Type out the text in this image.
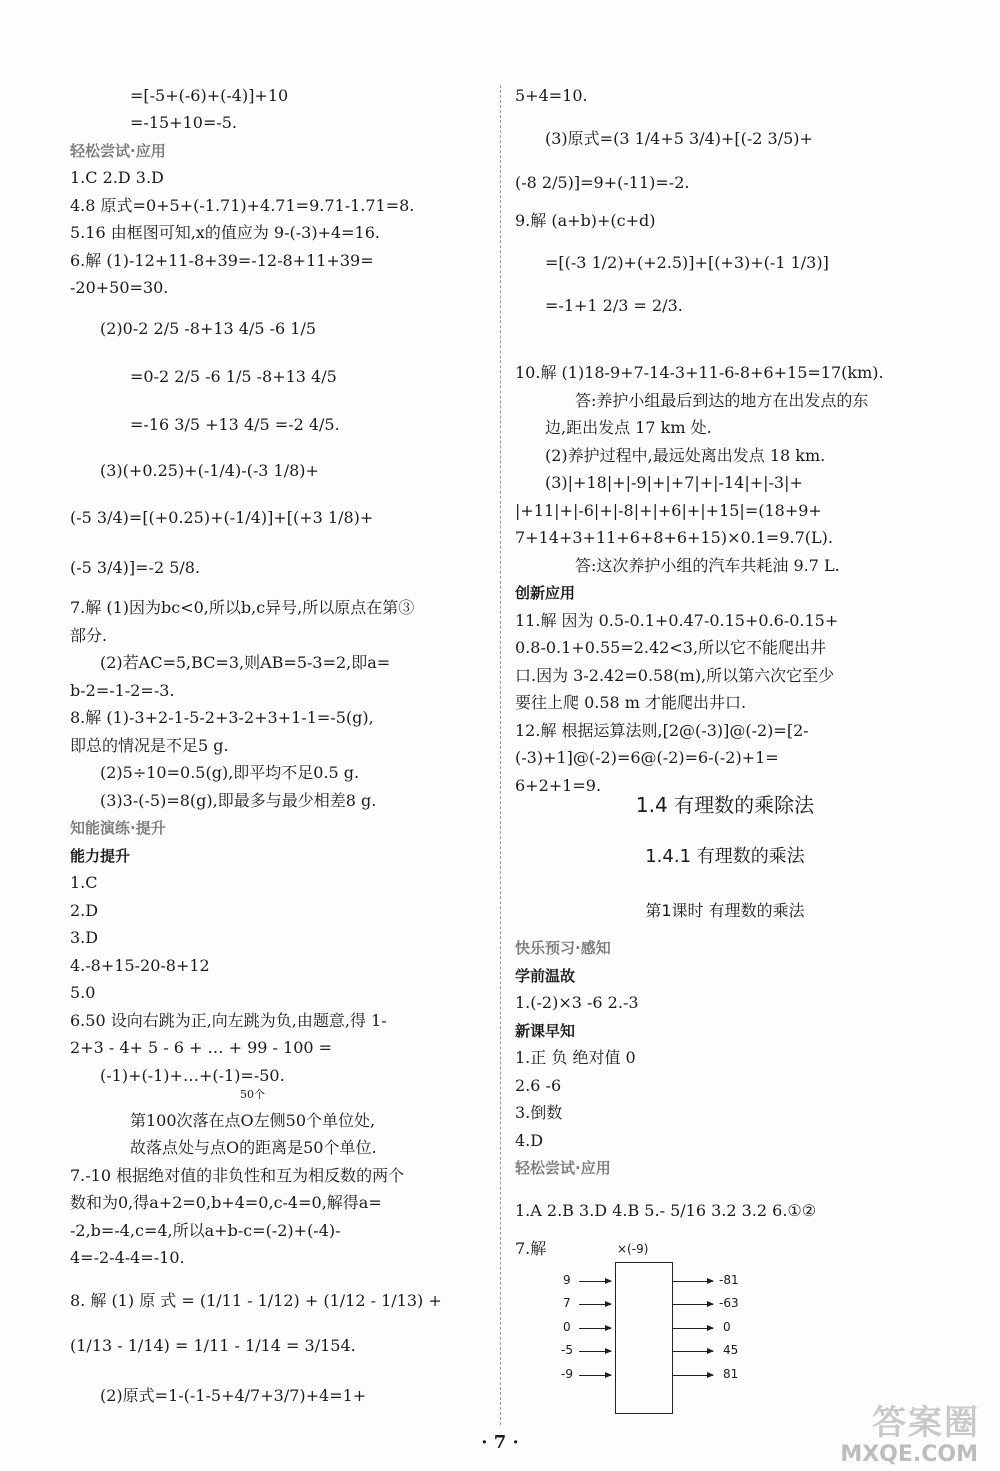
=[-5+(-6)+(-4)]+10
=-15+10=-5.
轻松尝试·应用
1.C 2.D 3.D
4.8 原式=0+5+(-1.71)+4.71=9.71-1.71=8.
5.16 由框图可知,x的值应为 9-(-3)+4=16.
6.解 (1)-12+11-8+39=-12-8+11+39=
-20+50=30.
(2)0-2 2/5 -8+13 4/5 -6 1/5
=0-2 2/5 -6 1/5 -8+13 4/5
=-16 3/5 +13 4/5 =-2 4/5.
(3)(+0.25)+(-1/4)-(-3 1/8)+
(-5 3/4)=[(+0.25)+(-1/4)]+[(+3 1/8)+
(-5 3/4)]=-2 5/8.
7.解 (1)因为bc<0,所以b,c异号,所以原点在第③
部分.
(2)若AC=5,BC=3,则AB=5-3=2,即a=
b-2=-1-2=-3.
8.解 (1)-3+2-1-5-2+3-2+3+1-1=-5(g),
即总的情况是不足5 g.
(2)5÷10=0.5(g),即平均不足0.5 g.
(3)3-(-5)=8(g),即最多与最少相差8 g.
知能演练·提升
能力提升
1.C
2.D
3.D
4.-8+15-20-8+12
5.0
6.50 设向右跳为正,向左跳为负,由题意,得 1-
2+3 - 4+ 5 - 6 + … + 99 - 100 =
(-1)+(-1)+…+(-1)=-50.
50个
第100次落在点O左侧50个单位处,
故落点处与点O的距离是50个单位.
7.-10 根据绝对值的非负性和互为相反数的两个
数和为0,得a+2=0,b+4=0,c-4=0,解得a=
-2,b=-4,c=4,所以a+b-c=(-2)+(-4)-
4=-2-4-4=-10.
8. 解 (1) 原 式 = (1/11 - 1/12) + (1/12 - 1/13) +
(1/13 - 1/14) = 1/11 - 1/14 = 3/154.
(2)原式=1-(-1-5+4/7+3/7)+4=1+
5+4=10.
(3)原式=(3 1/4+5 3/4)+[(-2 3/5)+
(-8 2/5)]=9+(-11)=-2.
9.解 (a+b)+(c+d)
=[(-3 1/2)+(+2.5)]+[(+3)+(-1 1/3)]
=-1+1 2/3 = 2/3.
10.解 (1)18-9+7-14-3+11-6-8+6+15=17(km).
答:养护小组最后到达的地方在出发点的东
边,距出发点 17 km 处.
(2)养护过程中,最远处离出发点 18 km.
(3)|+18|+|-9|+|+7|+|-14|+|-3|+
|+11|+|-6|+|-8|+|+6|+|+15|=(18+9+
7+14+3+11+6+8+6+15)×0.1=9.7(L).
答:这次养护小组的汽车共耗油 9.7 L.
创新应用
11.解 因为 0.5-0.1+0.47-0.15+0.6-0.15+
0.8-0.1+0.55=2.42<3,所以它不能爬出井
口.因为 3-2.42=0.58(m),所以第六次它至少
要往上爬 0.58 m 才能爬出井口.
12.解 根据运算法则,[2@(-3)]@(-2)=[2-
(-3)+1]@(-2)=6@(-2)=6-(-2)+1=
6+2+1=9.
1.4 有理数的乘除法
1.4.1 有理数的乘法
第1课时 有理数的乘法
快乐预习·感知
学前温故
1.(-2)×3 -6 2.-3
新课早知
1.正 负 绝对值 0
2.6 -6
3.倒数
4.D
轻松尝试·应用
1.A 2.B 3.D 4.B 5.- 5/16 3.2 3.2 6.①②
7.解	×(-9)
9
7
0
-5
-9
-81
-63
0
45
81
· 7 ·	答案圈
MXQE.COM
